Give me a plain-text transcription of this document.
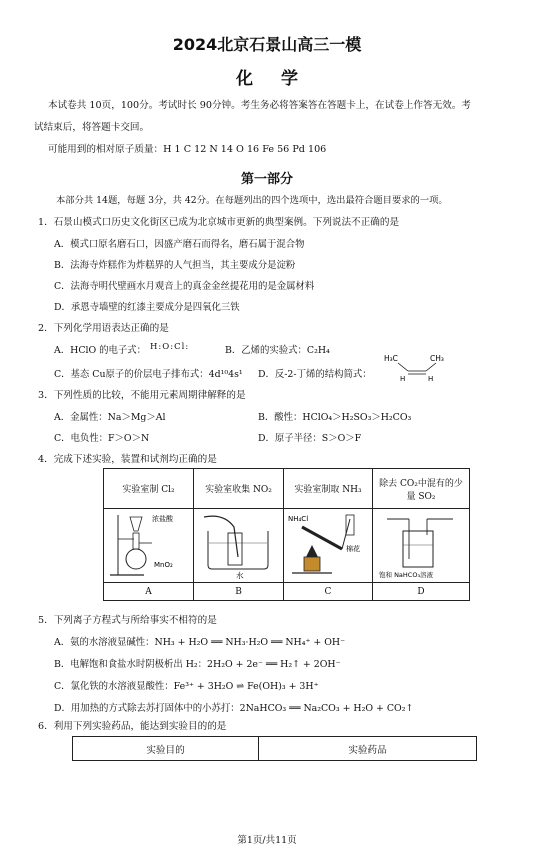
2024北京石景山高三一模
化学
本试卷共 10页，100分。考试时长 90分钟。考生务必将答案答在答题卡上，在试卷上作答无效。考
试结束后，将答题卡交回。
可能用到的相对原子质量：H 1 C 12 N 14 O 16 Fe 56 Pd 106
第一部分
本部分共 14题，每题 3分，共 42分。在每题列出的四个选项中，选出最符合题目要求的一项。
1．石景山模式口历史文化街区已成为北京城市更新的典型案例。下列说法不正确的是
A．模式口原名磨石口，因盛产磨石而得名，磨石属于混合物
B．法海寺炸糕作为炸糕界的人气担当，其主要成分是淀粉
C．法海寺明代壁画水月观音上的真金金丝提花用的是金属材料
D．承恩寺墙壁的红漆主要成分是四氧化三铁
2．下列化学用语表达正确的是
A．HClO 的电子式： H:O:Cl:	B．乙烯的实验式：C₂H₄
C．基态 Cu原子的价层电子排布式：4d¹⁰4s¹ D．反-2-丁烯的结构简式：
H₃C	CH₃
H	H
3．下列性质的比较，不能用元素周期律解释的是
A．金属性：Na＞Mg＞Al	B．酸性：HClO₄＞H₂SO₃＞H₂CO₃
C．电负性：F＞O＞N	D．原子半径：S＞O＞F
4．完成下述实验，装置和试剂均正确的是
实验室制 Cl₂	实验室收集 NO₂	实验室制取 NH₃	除去 CO₂中混有的少量 SO₂

浓盐酸
MnO₂	水	NH₄Cl
棉花	饱和 NaHCO₃溶液

A	B	C	D
5．下列离子方程式与所给事实不相符的是
A．氨的水溶液显碱性：NH₃ + H₂O ══ NH₃·H₂O ══ NH₄⁺ + OH⁻
B．电解饱和食盐水时阴极析出 H₂：2H₂O + 2e⁻ ══ H₂↑ + 2OH⁻
C．氯化铁的水溶液显酸性：Fe³⁺ + 3H₂O ⇌ Fe(OH)₃ + 3H⁺
D．用加热的方式除去苏打固体中的小苏打：2NaHCO₃ ══ Na₂CO₃ + H₂O + CO₂↑
6．利用下列实验药品，能达到实验目的的是
实验目的	实验药品
第1页/共11页
